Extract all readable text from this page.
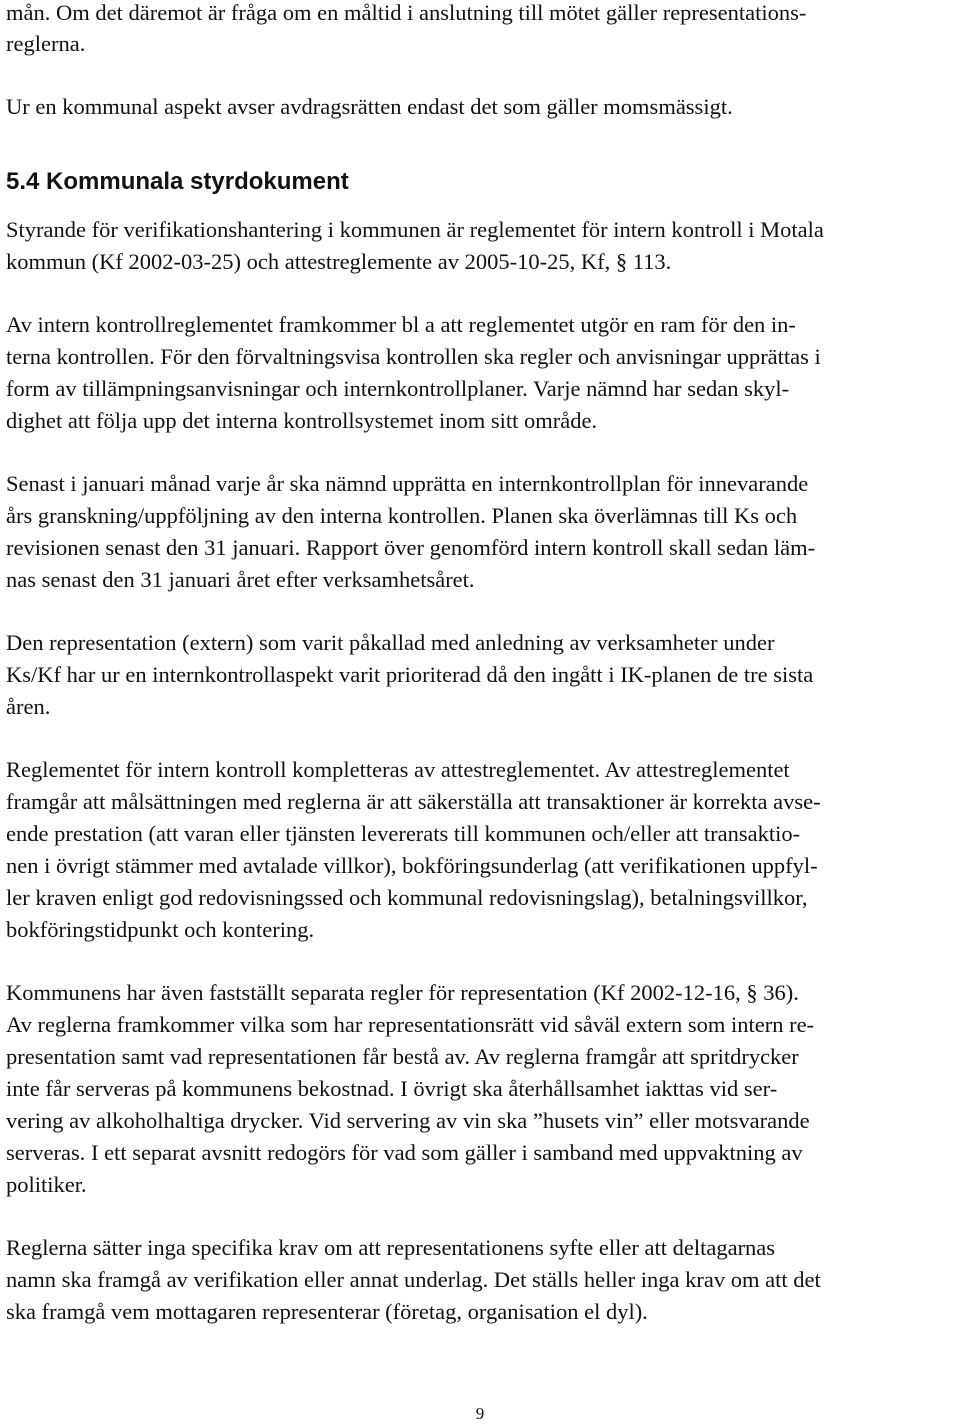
mån. Om det däremot är fråga om en måltid i anslutning till mötet gäller representations-
reglerna.
Ur en kommunal aspekt avser avdragsrätten endast det som gäller momsmässigt.
5.4 Kommunala styrdokument
Styrande för verifikationshantering i kommunen är reglementet för intern kontroll i Motala
kommun (Kf 2002-03-25) och attestreglemente av 2005-10-25, Kf, § 113.
Av intern kontrollreglementet framkommer bl a att reglementet utgör en ram för den in-
terna kontrollen. För den förvaltningsvisa kontrollen ska regler och anvisningar upprättas i
form av tillämpningsanvisningar och internkontrollplaner. Varje nämnd har sedan skyl-
dighet att följa upp det interna kontrollsystemet inom sitt område.
Senast i januari månad varje år ska nämnd upprätta en internkontrollplan för innevarande
års granskning/uppföljning av den interna kontrollen. Planen ska överlämnas till Ks och
revisionen senast den 31 januari. Rapport över genomförd intern kontroll skall sedan läm-
nas senast den 31 januari året efter verksamhetsåret.
Den representation (extern) som varit påkallad med anledning av verksamheter under
Ks/Kf har ur en internkontrollaspekt varit prioriterad då den ingått i IK-planen de tre sista
åren.
Reglementet för intern kontroll kompletteras av attestreglementet. Av attestreglementet
framgår att målsättningen med reglerna är att säkerställa att transaktioner är korrekta avse-
ende prestation (att varan eller tjänsten levererats till kommunen och/eller att transaktio-
nen i övrigt stämmer med avtalade villkor), bokföringsunderlag (att verifikationen uppfyl-
ler kraven enligt god redovisningssed och kommunal redovisningslag), betalningsvillkor,
bokföringstidpunkt och kontering.
Kommunens har även fastställt separata regler för representation (Kf 2002-12-16, § 36).
Av reglerna framkommer vilka som har representationsrätt vid såväl extern som intern re-
presentation samt vad representationen får bestå av. Av reglerna framgår att spritdrycker
inte får serveras på kommunens bekostnad. I övrigt ska återhållsamhet iakttas vid ser-
vering av alkoholhaltiga drycker. Vid servering av vin ska ”husets vin” eller motsvarande
serveras. I ett separat avsnitt redogörs för vad som gäller i samband med uppvaktning av
politiker.
Reglerna sätter inga specifika krav om att representationens syfte eller att deltagarnas
namn ska framgå av verifikation eller annat underlag. Det ställs heller inga krav om att det
ska framgå vem mottagaren representerar (företag, organisation el dyl).
9
